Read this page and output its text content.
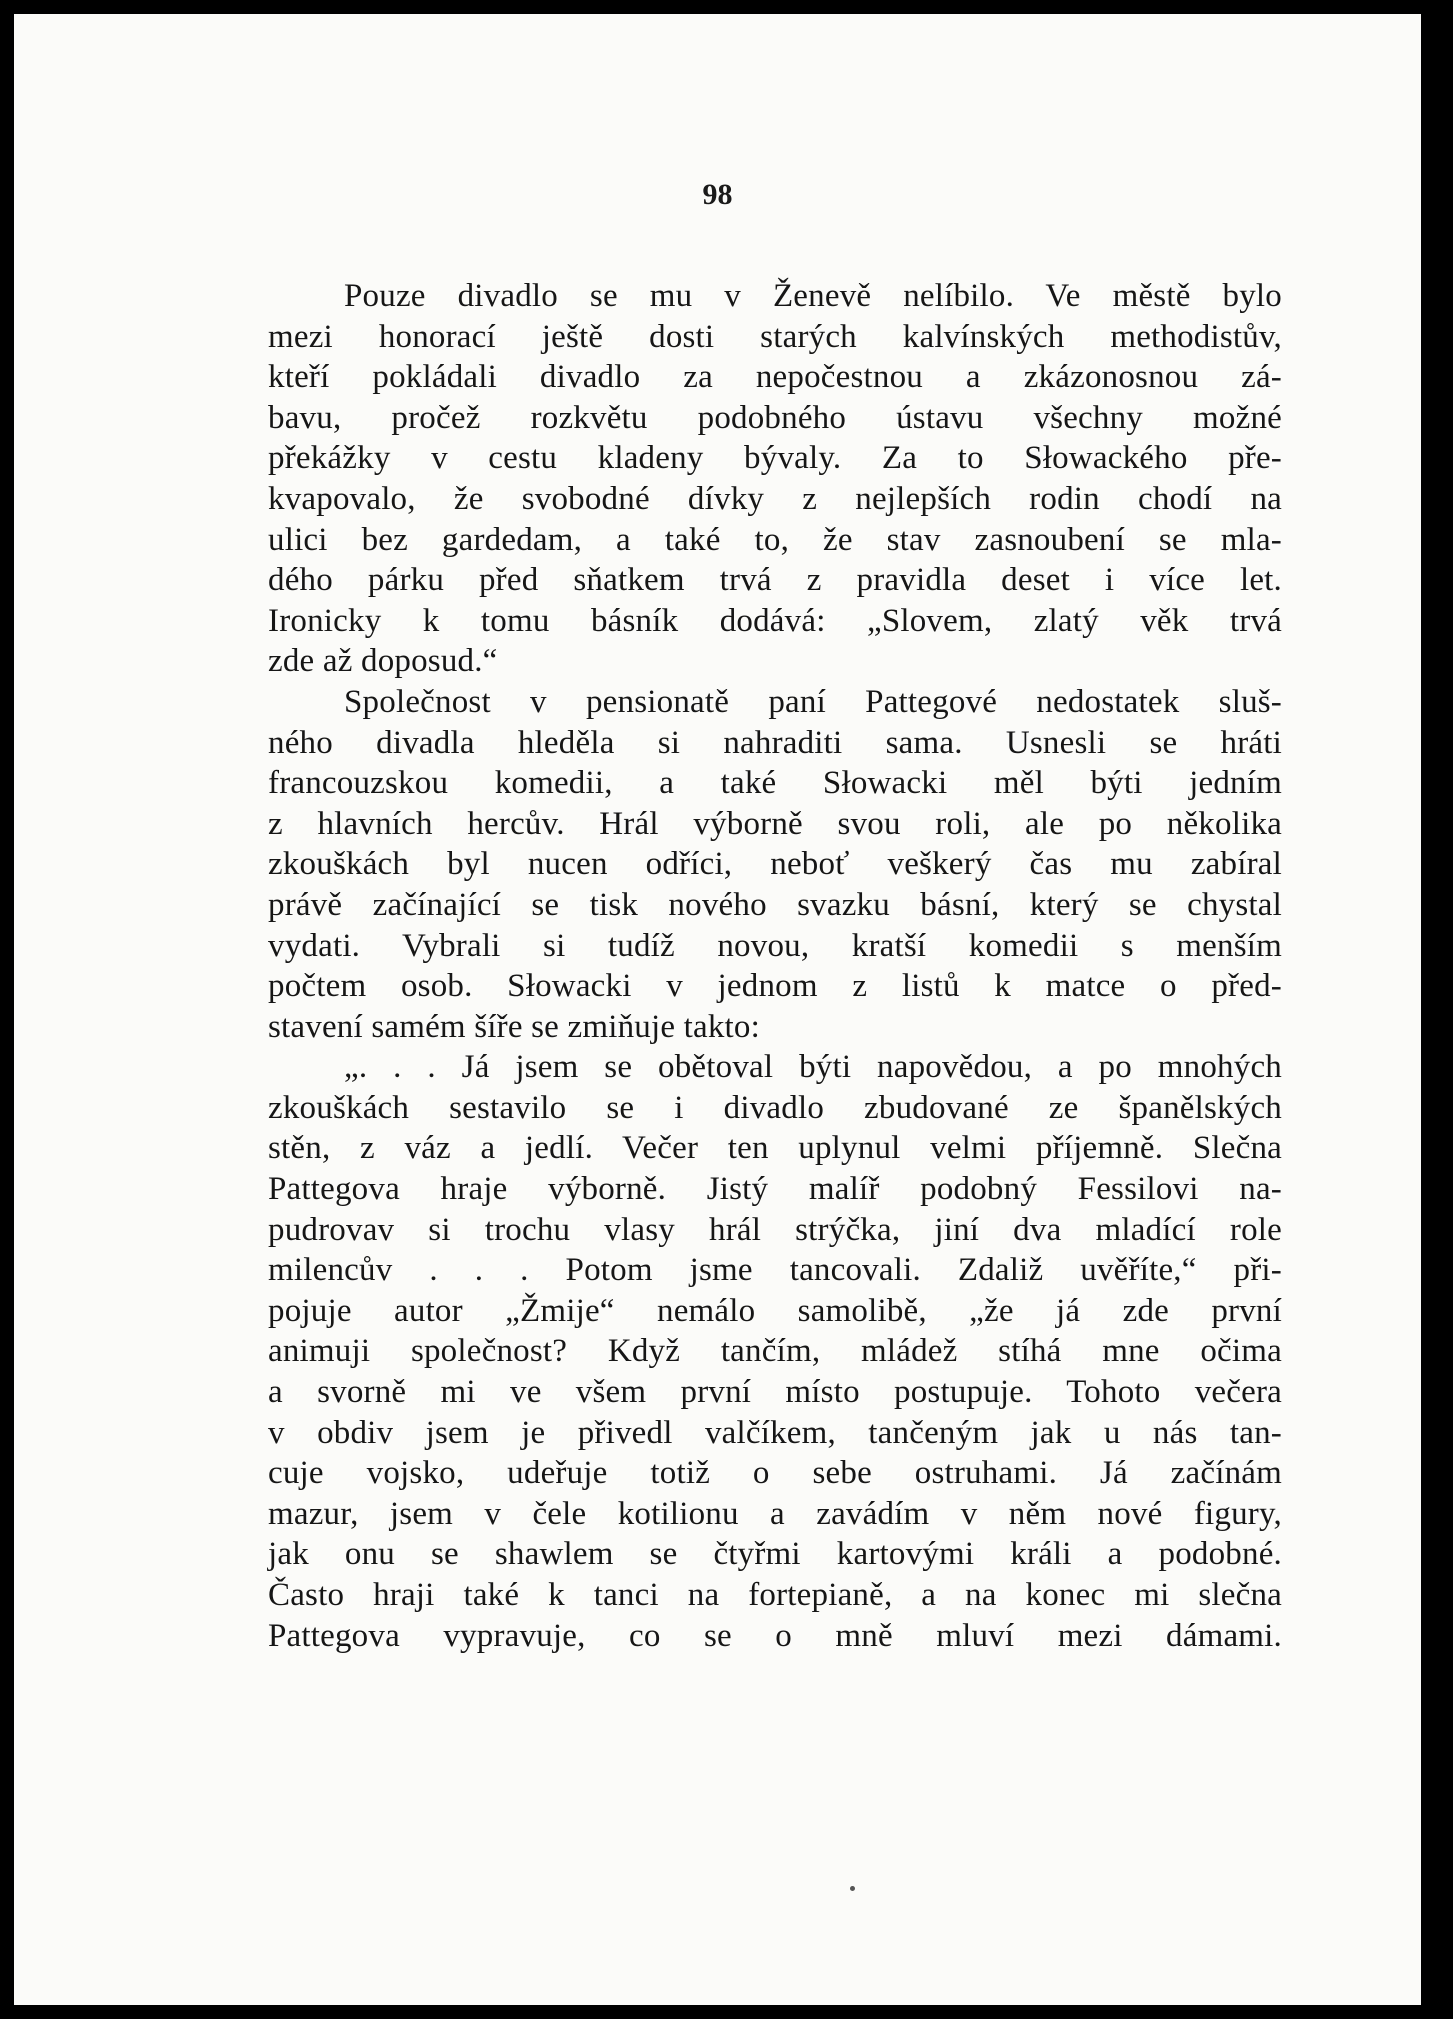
98
Pouze divadlo se mu v Ženevě nelíbilo. Ve městě bylo
mezi honorací ještě dosti starých kalvínských methodistův,
kteří pokládali divadlo za nepočestnou a zkázonosnou zá-
bavu, pročež rozkvětu podobného ústavu všechny možné
překážky v cestu kladeny bývaly. Za to Słowackého pře-
kvapovalo, že svobodné dívky z nejlepších rodin chodí na
ulici bez gardedam, a také to, že stav zasnoubení se mla-
dého párku před sňatkem trvá z pravidla deset i více let.
Ironicky k tomu básník dodává: „Slovem, zlatý věk trvá
zde až doposud.“
Společnost v pensionatě paní Pattegové nedostatek sluš-
ného divadla hleděla si nahraditi sama. Usnesli se hráti
francouzskou komedii, a také Słowacki měl býti jedním
z hlavních hercův. Hrál výborně svou roli, ale po několika
zkouškách byl nucen odříci, neboť veškerý čas mu zabíral
právě začínající se tisk nového svazku básní, který se chystal
vydati. Vybrali si tudíž novou, kratší komedii s menším
počtem osob. Słowacki v jednom z listů k matce o před-
stavení samém šíře se zmiňuje takto:
„. . . Já jsem se obětoval býti napovědou, a po mnohých
zkouškách sestavilo se i divadlo zbudované ze španělských
stěn, z váz a jedlí. Večer ten uplynul velmi příjemně. Slečna
Pattegova hraje výborně. Jistý malíř podobný Fessilovi na-
pudrovav si trochu vlasy hrál strýčka, jiní dva mladící role
milencův . . . Potom jsme tancovali. Zdaliž uvěříte,“ při-
pojuje autor „Žmije“ nemálo samolibě, „že já zde první
animuji společnost? Když tančím, mládež stíhá mne očima
a svorně mi ve všem první místo postupuje. Tohoto večera
v obdiv jsem je přivedl valčíkem, tančeným jak u nás tan-
cuje vojsko, udeřuje totiž o sebe ostruhami. Já začínám
mazur, jsem v čele kotilionu a zavádím v něm nové figury,
jak onu se shawlem se čtyřmi kartovými králi a podobné.
Často hraji také k tanci na fortepianě, a na konec mi slečna
Pattegova vypravuje, co se o mně mluví mezi dámami.
